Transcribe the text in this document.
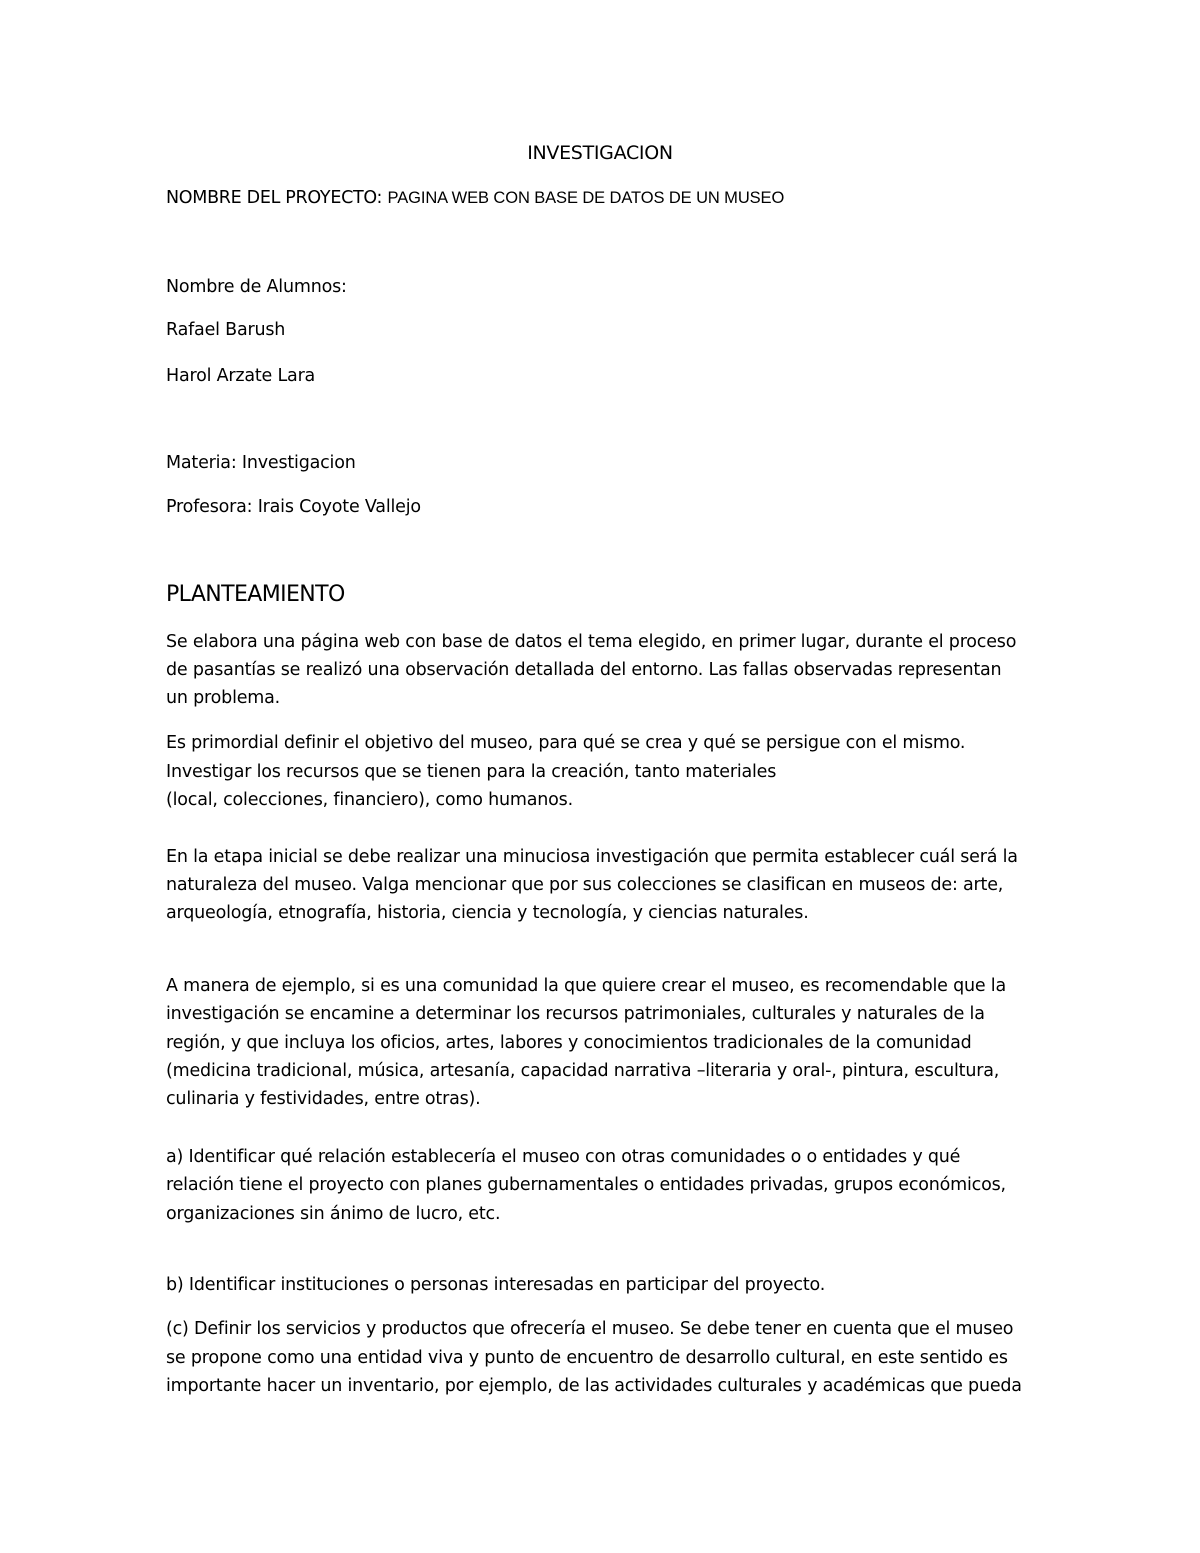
INVESTIGACION
NOMBRE DEL PROYECTO: PAGINA WEB CON BASE DE DATOS DE UN MUSEO
Nombre de Alumnos:
Rafael Barush
Harol Arzate Lara
Materia: Investigacion
Profesora: Irais Coyote Vallejo
PLANTEAMIENTO
Se elabora una página web con base de datos el tema elegido, en primer lugar, durante el proceso
de pasantías se realizó una observación detallada del entorno. Las fallas observadas representan
un problema.
Es primordial definir el objetivo del museo, para qué se crea y qué se persigue con el mismo.
Investigar los recursos que se tienen para la creación, tanto materiales
(local, colecciones, financiero), como humanos.
En la etapa inicial se debe realizar una minuciosa investigación que permita establecer cuál será la
naturaleza del museo. Valga mencionar que por sus colecciones se clasifican en museos de: arte,
arqueología, etnografía, historia, ciencia y tecnología, y ciencias naturales.
A manera de ejemplo, si es una comunidad la que quiere crear el museo, es recomendable que la
investigación se encamine a determinar los recursos patrimoniales, culturales y naturales de la
región, y que incluya los oficios, artes, labores y conocimientos tradicionales de la comunidad
(medicina tradicional, música, artesanía, capacidad narrativa –literaria y oral-, pintura, escultura,
culinaria y festividades, entre otras).
a) Identificar qué relación establecería el museo con otras comunidades o o entidades y qué
relación tiene el proyecto con planes gubernamentales o entidades privadas, grupos económicos,
organizaciones sin ánimo de lucro, etc.
b) Identificar instituciones o personas interesadas en participar del proyecto.
(c) Definir los servicios y productos que ofrecería el museo. Se debe tener en cuenta que el museo
se propone como una entidad viva y punto de encuentro de desarrollo cultural, en este sentido es
importante hacer un inventario, por ejemplo, de las actividades culturales y académicas que pueda
